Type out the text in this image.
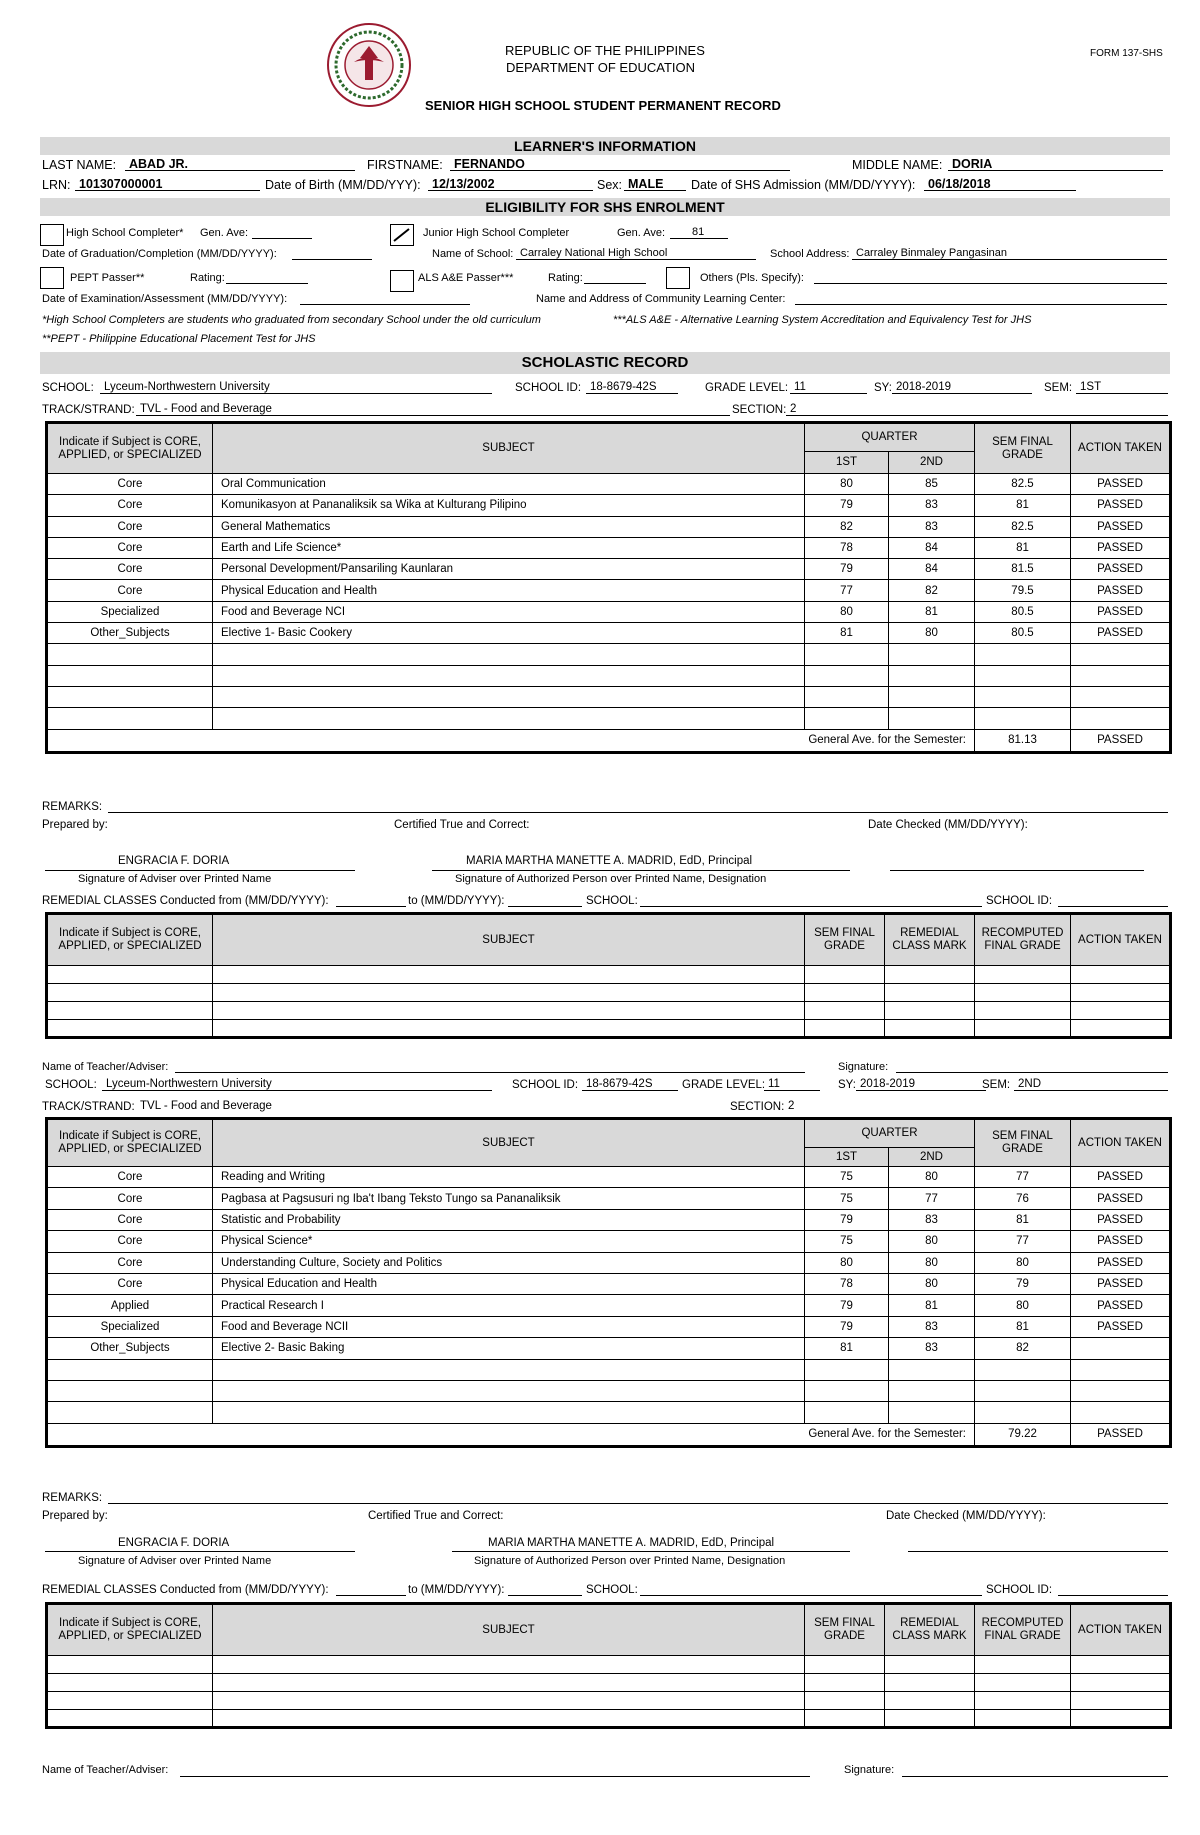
REPUBLIC OF THE PHILIPPINES
DEPARTMENT OF EDUCATION
FORM 137-SHS
SENIOR HIGH SCHOOL STUDENT PERMANENT RECORD
LEARNER'S INFORMATION
LAST NAME:	ABAD JR.	FIRSTNAME: FERNANDO	MIDDLE NAME: DORIA
LRN: 101307000001	Date of Birth (MM/DD/YYY): 12/13/2002	Sex: MALE	Date of SHS Admission (MM/DD/YYYY):	06/18/2018
ELIGIBILITY FOR SHS ENROLMENT
High School Completer* Gen. Ave:	Junior High School Completer	Gen. Ave:	81
Date of Graduation/Completion (MM/DD/YYYY):	Name of School: Carraley National High School	School Address: Carraley Binmaley Pangasinan
PEPT Passer**	Rating:	ALS A&E Passer***	Rating:	Others (Pls. Specify):
Date of Examination/Assessment (MM/DD/YYYY):	Name and Address of Community Learning Center:
*High School Completers are students who graduated from secondary School under the old curriculum	***ALS A&E - Alternative Learning System Accreditation and Equivalency Test for JHS
**PEPT - Philippine Educational Placement Test for JHS
SCHOLASTIC RECORD
SCHOOL: Lyceum-Northwestern University	SCHOOL ID: 18-8679-42S	GRADE LEVEL: 11	SY: 2018-2019	SEM: 1ST
TRACK/STRAND: TVL - Food and Beverage	SECTION: 2
Indicate if Subject is CORE, APPLIED, or SPECIALIZED	SUBJECT	QUARTER		SEM FINAL GRADE	ACTION TAKEN
		1ST	2ND		
Core	Oral Communication	80	85	82.5	PASSED
Core	Komunikasyon at Pananaliksik sa Wika at Kulturang Pilipino	79	83	81	PASSED
Core	General Mathematics	82	83	82.5	PASSED
Core	Earth and Life Science*	78	84	81	PASSED
Core	Personal Development/Pansariling Kaunlaran	79	84	81.5	PASSED
Core	Physical Education and Health	77	82	79.5	PASSED
Specialized	Food and Beverage NCI	80	81	80.5	PASSED
Other_Subjects	Elective 1- Basic Cookery	81	80	80.5	PASSED

General Ave. for the Semester:				81.13	PASSED
REMARKS:
Prepared by:	Certified True and Correct:	Date Checked (MM/DD/YYYY):
ENGRACIA F. DORIA	MARIA MARTHA MANETTE A. MADRID, EdD, Principal
Signature of Adviser over Printed Name	Signature of Authorized Person over Printed Name, Designation
REMEDIAL CLASSES Conducted from (MM/DD/YYYY):	to (MM/DD/YYYY):	SCHOOL:	SCHOOL ID:
Indicate if Subject is CORE, APPLIED, or SPECIALIZED	SUBJECT	SEM FINAL GRADE	REMEDIAL CLASS MARK	RECOMPUTED FINAL GRADE	ACTION TAKEN

Name of Teacher/Adviser:	Signature:
SCHOOL: Lyceum-Northwestern University	SCHOOL ID: 18-8679-42S	GRADE LEVEL: 11	SY: 2018-2019	SEM: 2ND
TRACK/STRAND: TVL - Food and Beverage	SECTION: 2
Indicate if Subject is CORE, APPLIED, or SPECIALIZED	SUBJECT	QUARTER		SEM FINAL GRADE	ACTION TAKEN
		1ST	2ND		
Core	Reading and Writing	75	80	77	PASSED
Core	Pagbasa at Pagsusuri ng Iba't Ibang Teksto Tungo sa Pananaliksik	75	77	76	PASSED
Core	Statistic and Probability	79	83	81	PASSED
Core	Physical Science*	75	80	77	PASSED
Core	Understanding Culture, Society and Politics	80	80	80	PASSED
Core	Physical Education and Health	78	80	79	PASSED
Applied	Practical Research I	79	81	80	PASSED
Specialized	Food and Beverage NCII	79	83	81	PASSED
Other_Subjects	Elective 2- Basic Baking	81	83	82	

General Ave. for the Semester:				79.22	PASSED
REMARKS:
Prepared by:	Certified True and Correct:	Date Checked (MM/DD/YYYY):
ENGRACIA F. DORIA	MARIA MARTHA MANETTE A. MADRID, EdD, Principal
Signature of Adviser over Printed Name	Signature of Authorized Person over Printed Name, Designation
REMEDIAL CLASSES Conducted from (MM/DD/YYYY):	to (MM/DD/YYYY):	SCHOOL:	SCHOOL ID:
Indicate if Subject is CORE, APPLIED, or SPECIALIZED	SUBJECT	SEM FINAL GRADE	REMEDIAL CLASS MARK	RECOMPUTED FINAL GRADE	ACTION TAKEN

Name of Teacher/Adviser:	Signature:
